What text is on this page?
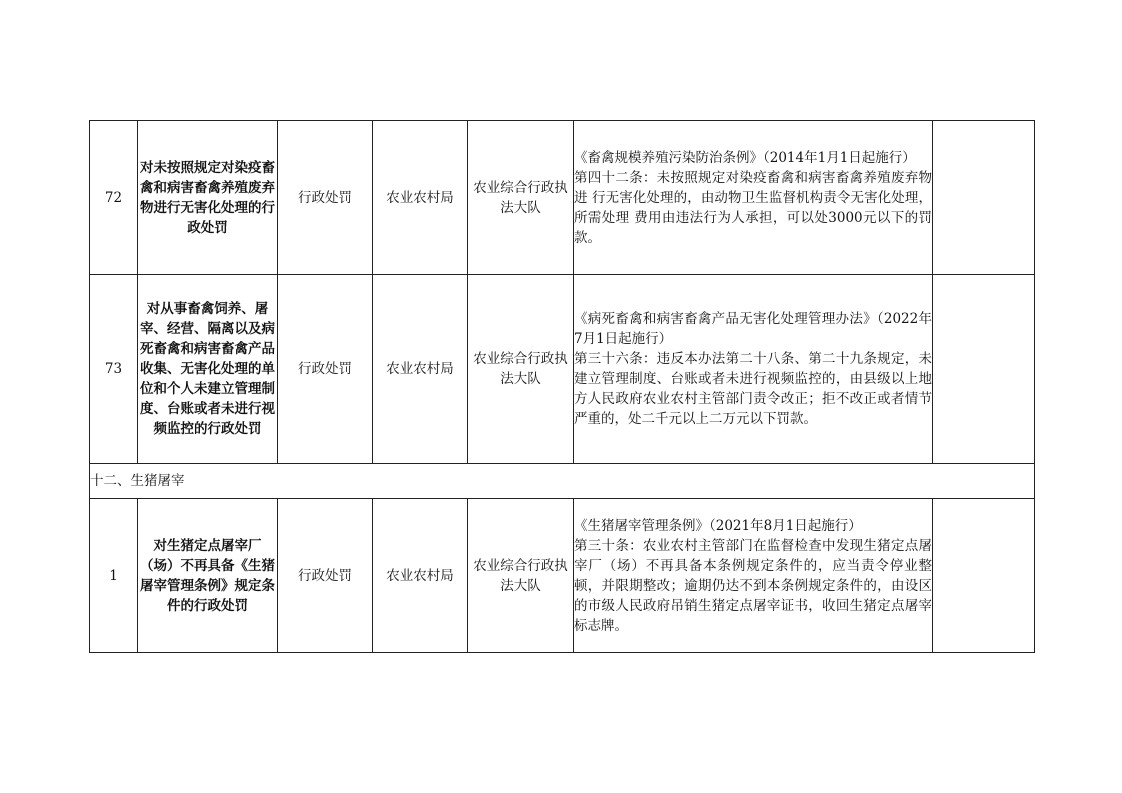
72	对未按照规定对染疫畜禽和病害畜禽养殖废弃物进行无害化处理的行政处罚	行政处罚	农业农村局	农业综合行政执法大队	《畜禽规模养殖污染防治条例》（2014年1月1日起施行）
第四十二条：未按照规定对染疫畜禽和病害畜禽养殖废弃物进 行无害化处理的，由动物卫生监督机构责令无害化处理，所需处理 费用由违法行为人承担，可以处3000元以下的罚款。	

73	对从事畜禽饲养、屠宰、经营、隔离以及病死畜禽和病害畜禽产品收集、无害化处理的单位和个人未建立管理制度、台账或者未进行视频监控的行政处罚	行政处罚	农业农村局	农业综合行政执法大队	《病死畜禽和病害畜禽产品无害化处理管理办法》（2022年7月1日起施行）
第三十六条：违反本办法第二十八条、第二十九条规定，未建立管理制度、台账或者未进行视频监控的，由县级以上地方人民政府农业农村主管部门责令改正；拒不改正或者情节严重的，处二千元以上二万元以下罚款。	

十二、生猪屠宰						
1	对生猪定点屠宰厂（场）不再具备《生猪屠宰管理条例》规定条件的行政处罚	行政处罚	农业农村局	农业综合行政执法大队	《生猪屠宰管理条例》（2021年8月1日起施行）
第三十条：农业农村主管部门在监督检查中发现生猪定点屠宰厂（场）不再具备本条例规定条件的，应当责令停业整顿，并限期整改；逾期仍达不到本条例规定条件的，由设区的市级人民政府吊销生猪定点屠宰证书，收回生猪定点屠宰标志牌。	
